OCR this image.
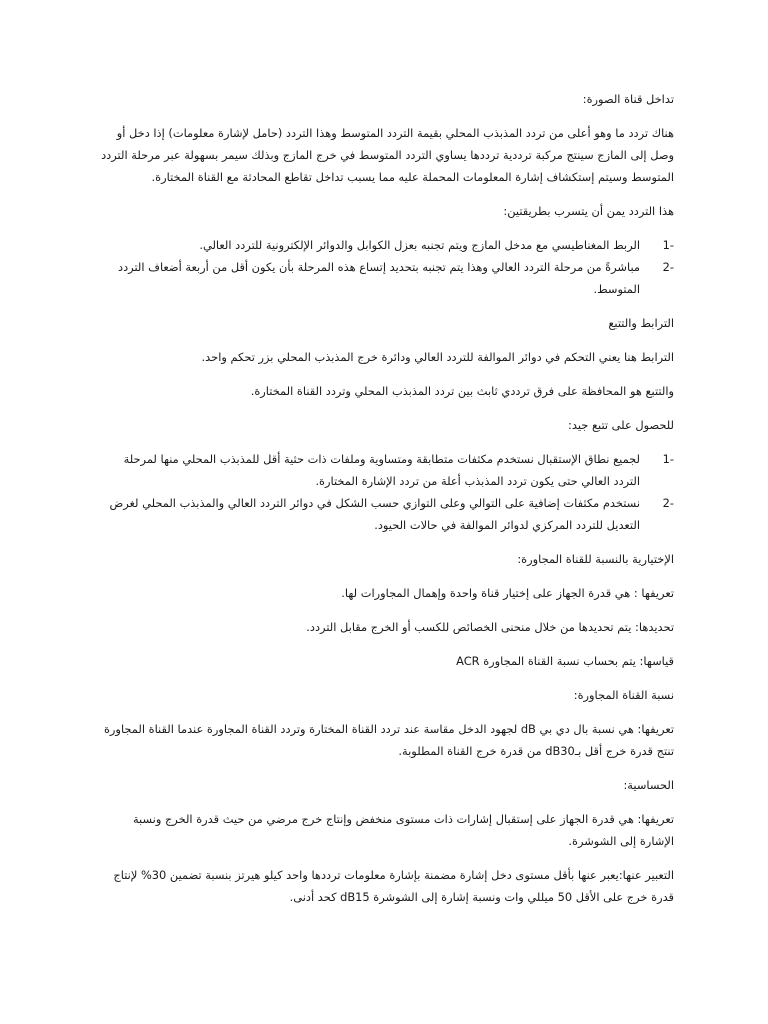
تداخل قناة الصورة:

هناك تردد ما وهو أعلى من تردد المذبذب المحلي بقيمة التردد المتوسط وهذا التردد (حامل لإشارة معلومات) إذا دخل أو وصل إلى المازج سينتج مركبة ترددية ترددها يساوي التردد المتوسط في خرج المازج وبذلك سيمر بسهولة عبر مرحلة التردد المتوسط وسيتم إستكشاف إشارة المعلومات المحملة عليه مما يسبب تداخل تقاطع المحادثة مع القناة المختارة.

هذا التردد يمن أن يتسرب بطريقتين:

1-
الربط المغناطيسي مع مدخل المازج ويتم تجنبه بعزل الكوابل والدوائر الإلكترونية للتردد العالي.
2-
مباشرةً من مرحلة التردد العالي وهذا يتم تجنبه بتحديد إتساع هذه المرحلة بأن يكون أقل من أربعة أضعاف التردد المتوسط.

الترابط والتتبع

الترابط هنا يعني التحكم في دوائر الموالفة للتردد العالي ودائرة خرج المذبذب المحلي بزر تحكم واحد.

والتتبع هو المحافظة على فرق ترددي ثابث بين تردد المذبذب المحلي وتردد القناة المختارة.

للحصول على تتبع جيد:

1-
لجميع نطاق الإستقبال نستخدم مكثفات متطابقة ومتساوية وملفات ذات حثية أقل للمذبذب المحلي منها لمرحلة التردد العالي حتى يكون تردد المذبذب أعلة من تردد الإشارة المختارة.
2-
نستخدم مكثفات إضافية على التوالي وعلى التوازي حسب الشكل في دوائر التردد العالي والمذبذب المحلي لغرض التعديل للتردد المركزي لدوائر الموالفة في حالات الحيود.

الإختيارية بالنسبة للقناة المجاورة:

تعريفها : هي قدرة الجهاز على إختيار قناة واحدة وإهمال المجاورات لها.

تحديدها: يتم تحديدها من خلال منحنى الخصائص للكسب أو الخرج مقابل التردد.

قياسها: يتم بحساب نسبة القناة المجاورة ACR

نسبة القناة المجاورة:

تعريفها: هي نسبة بال دي بي dB لجهود الدخل مقاسة عند تردد القناة المختارة وتردد القناة المجاورة عندما القناة المجاورة تنتج قدرة خرج أقل بـdB30 من قدرة خرج القناة المطلوبة.

الحساسية:

تعريفها: هي قدرة الجهاز على إستقبال إشارات ذات مستوى منخفض وإنتاج خرج مرضي من حيث قدرة الخرج ونسبة الإشارة إلى الشوشرة.

التعبير عنها:يعبر عنها بأقل مستوى دخل إشارة مضمنة بإشارة معلومات ترددها واحد كيلو هيرتز بنسبة تضمين 30% لإنتاج قدرة خرج على الأقل 50 ميللي وات ونسبة إشارة إلى الشوشرة dB15 كحد أدنى.
